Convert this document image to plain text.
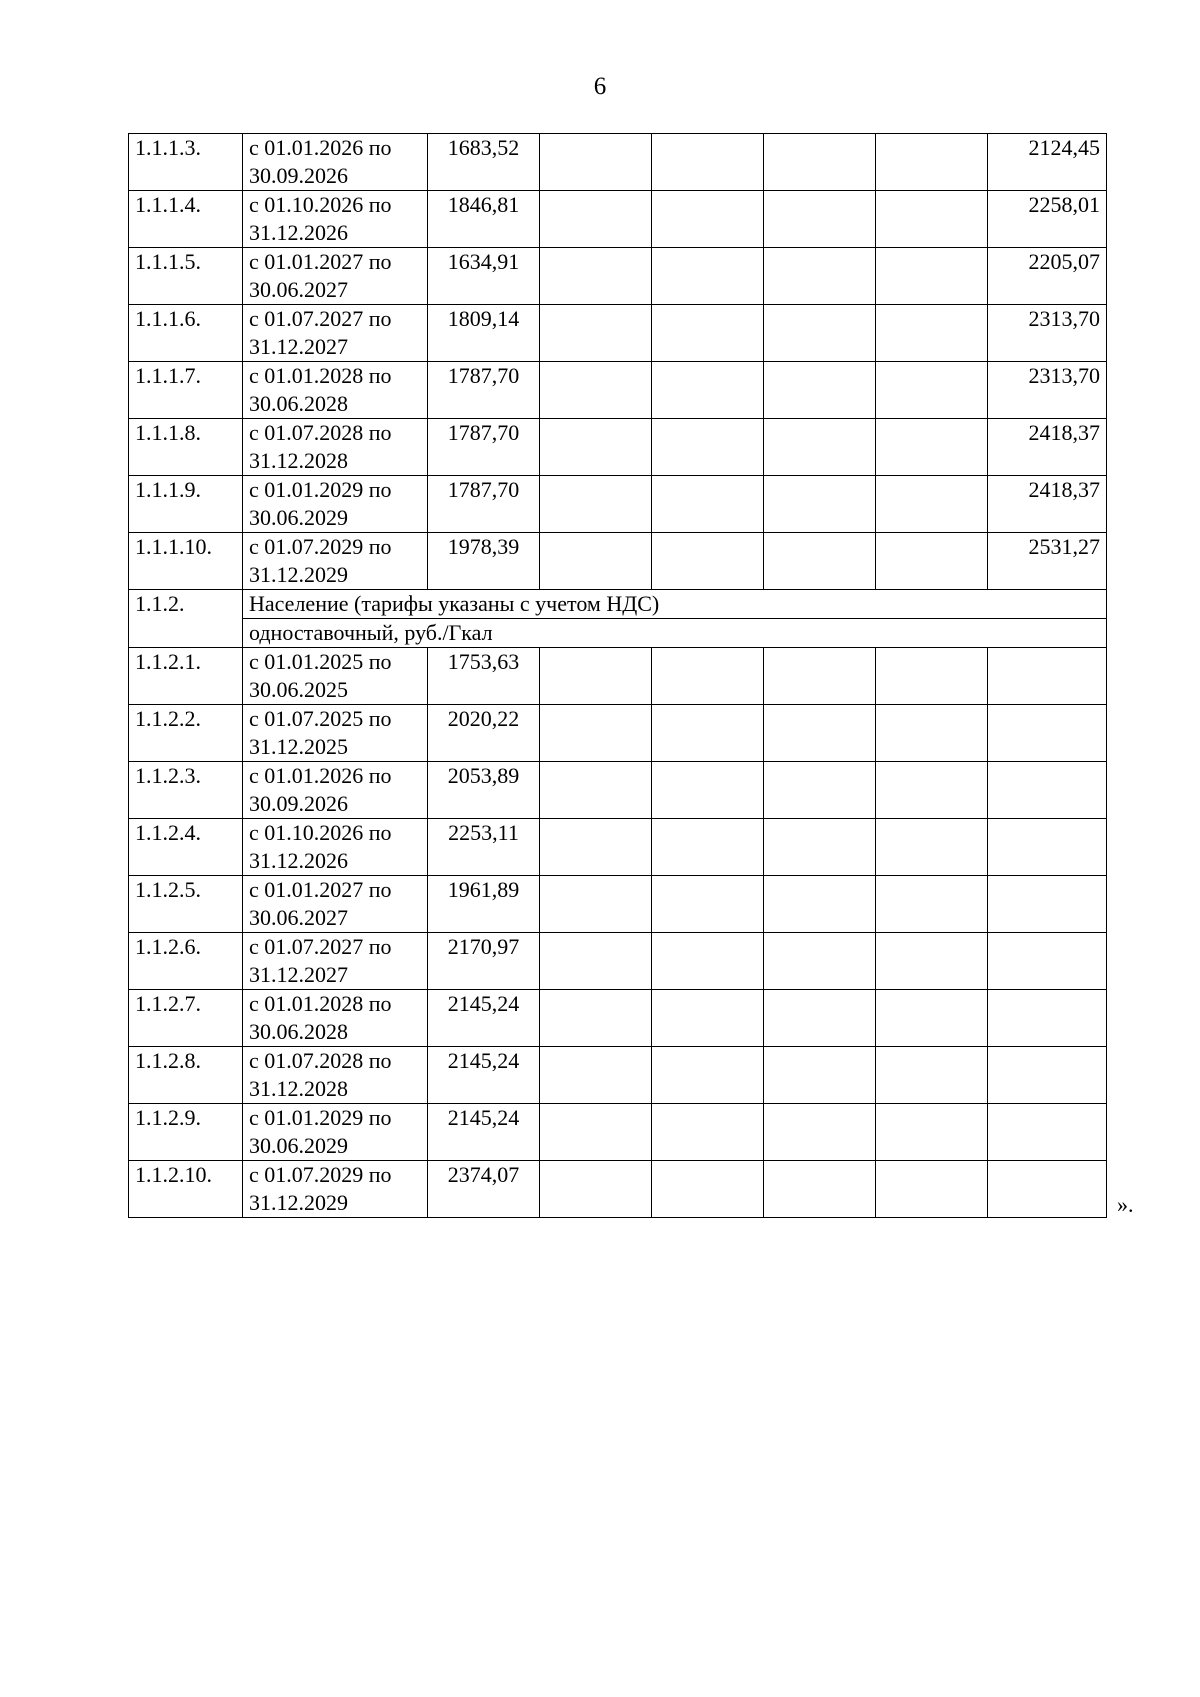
6
1.1.1.3.	с 01.01.2026 по
30.09.2026	1683,52					2124,45
1.1.1.4.	с 01.10.2026 по
31.12.2026	1846,81					2258,01
1.1.1.5.	с 01.01.2027 по
30.06.2027	1634,91					2205,07
1.1.1.6.	с 01.07.2027 по
31.12.2027	1809,14					2313,70
1.1.1.7.	с 01.01.2028 по
30.06.2028	1787,70					2313,70
1.1.1.8.	с 01.07.2028 по
31.12.2028	1787,70					2418,37
1.1.1.9.	с 01.01.2029 по
30.06.2029	1787,70					2418,37
1.1.1.10.	с 01.07.2029 по
31.12.2029	1978,39					2531,27
1.1.2.	Население (тарифы указаны с учетом НДС)						
	одноставочный, руб./Гкал						
1.1.2.1.	с 01.01.2025 по
30.06.2025	1753,63					
1.1.2.2.	с 01.07.2025 по
31.12.2025	2020,22					
1.1.2.3.	с 01.01.2026 по
30.09.2026	2053,89					
1.1.2.4.	с 01.10.2026 по
31.12.2026	2253,11					
1.1.2.5.	с 01.01.2027 по
30.06.2027	1961,89					
1.1.2.6.	с 01.07.2027 по
31.12.2027	2170,97					
1.1.2.7.	с 01.01.2028 по
30.06.2028	2145,24					
1.1.2.8.	с 01.07.2028 по
31.12.2028	2145,24					
1.1.2.9.	с 01.01.2029 по
30.06.2029	2145,24					
1.1.2.10.	с 01.07.2029 по
31.12.2029	2374,07					
».
